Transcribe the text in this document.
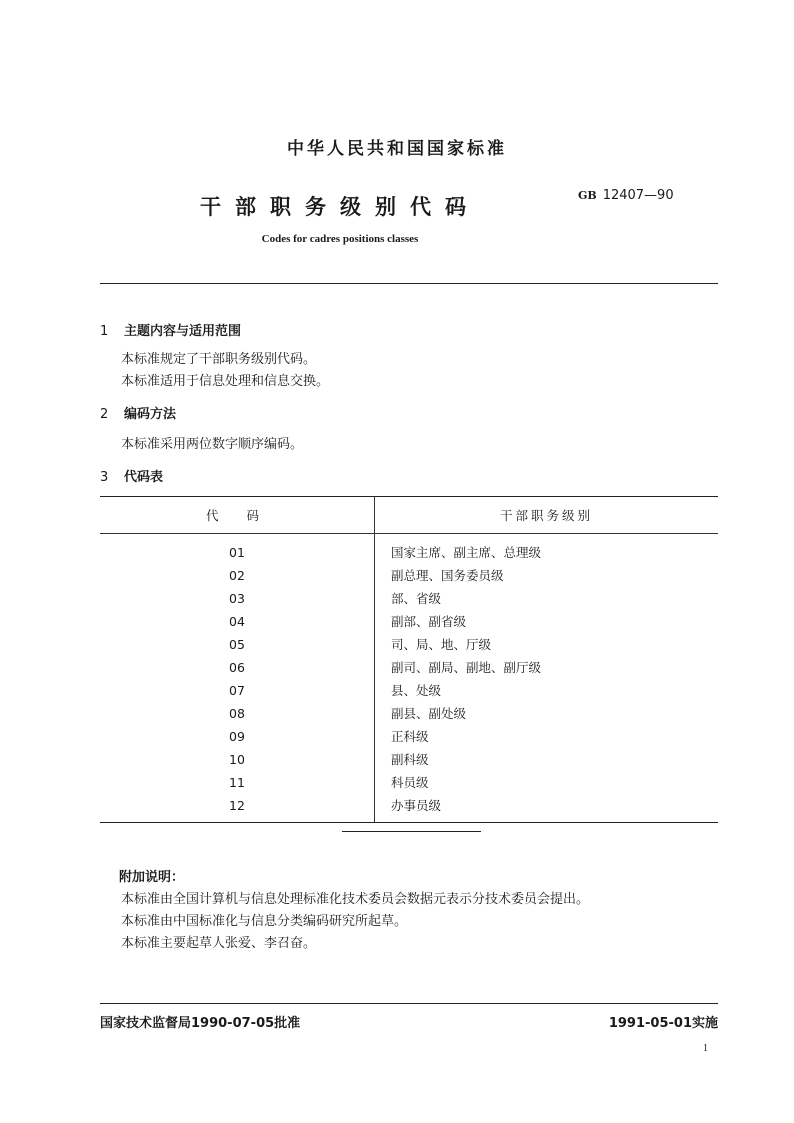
中华人民共和国国家标准
干部职务级别代码	GB 12407—90
Codes for cadres positions classes
1 主题内容与适用范围
本标准规定了干部职务级别代码。
本标准适用于信息处理和信息交换。
2 编码方法
本标准采用两位数字顺序编码。
3 代码表
代码	干部职务级别
01	国家主席、副主席、总理级
02	副总理、国务委员级
03	部、省级
04	副部、副省级
05	司、局、地、厅级
06	副司、副局、副地、副厅级
07	县、处级
08	副县、副处级
09	正科级
10	副科级
11	科员级
12	办事员级
附加说明：
本标准由全国计算机与信息处理标准化技术委员会数据元表示分技术委员会提出。
本标准由中国标准化与信息分类编码研究所起草。
本标准主要起草人张爱、李召奋。
国家技术监督局1990-07-05批准	1991-05-01实施
1
